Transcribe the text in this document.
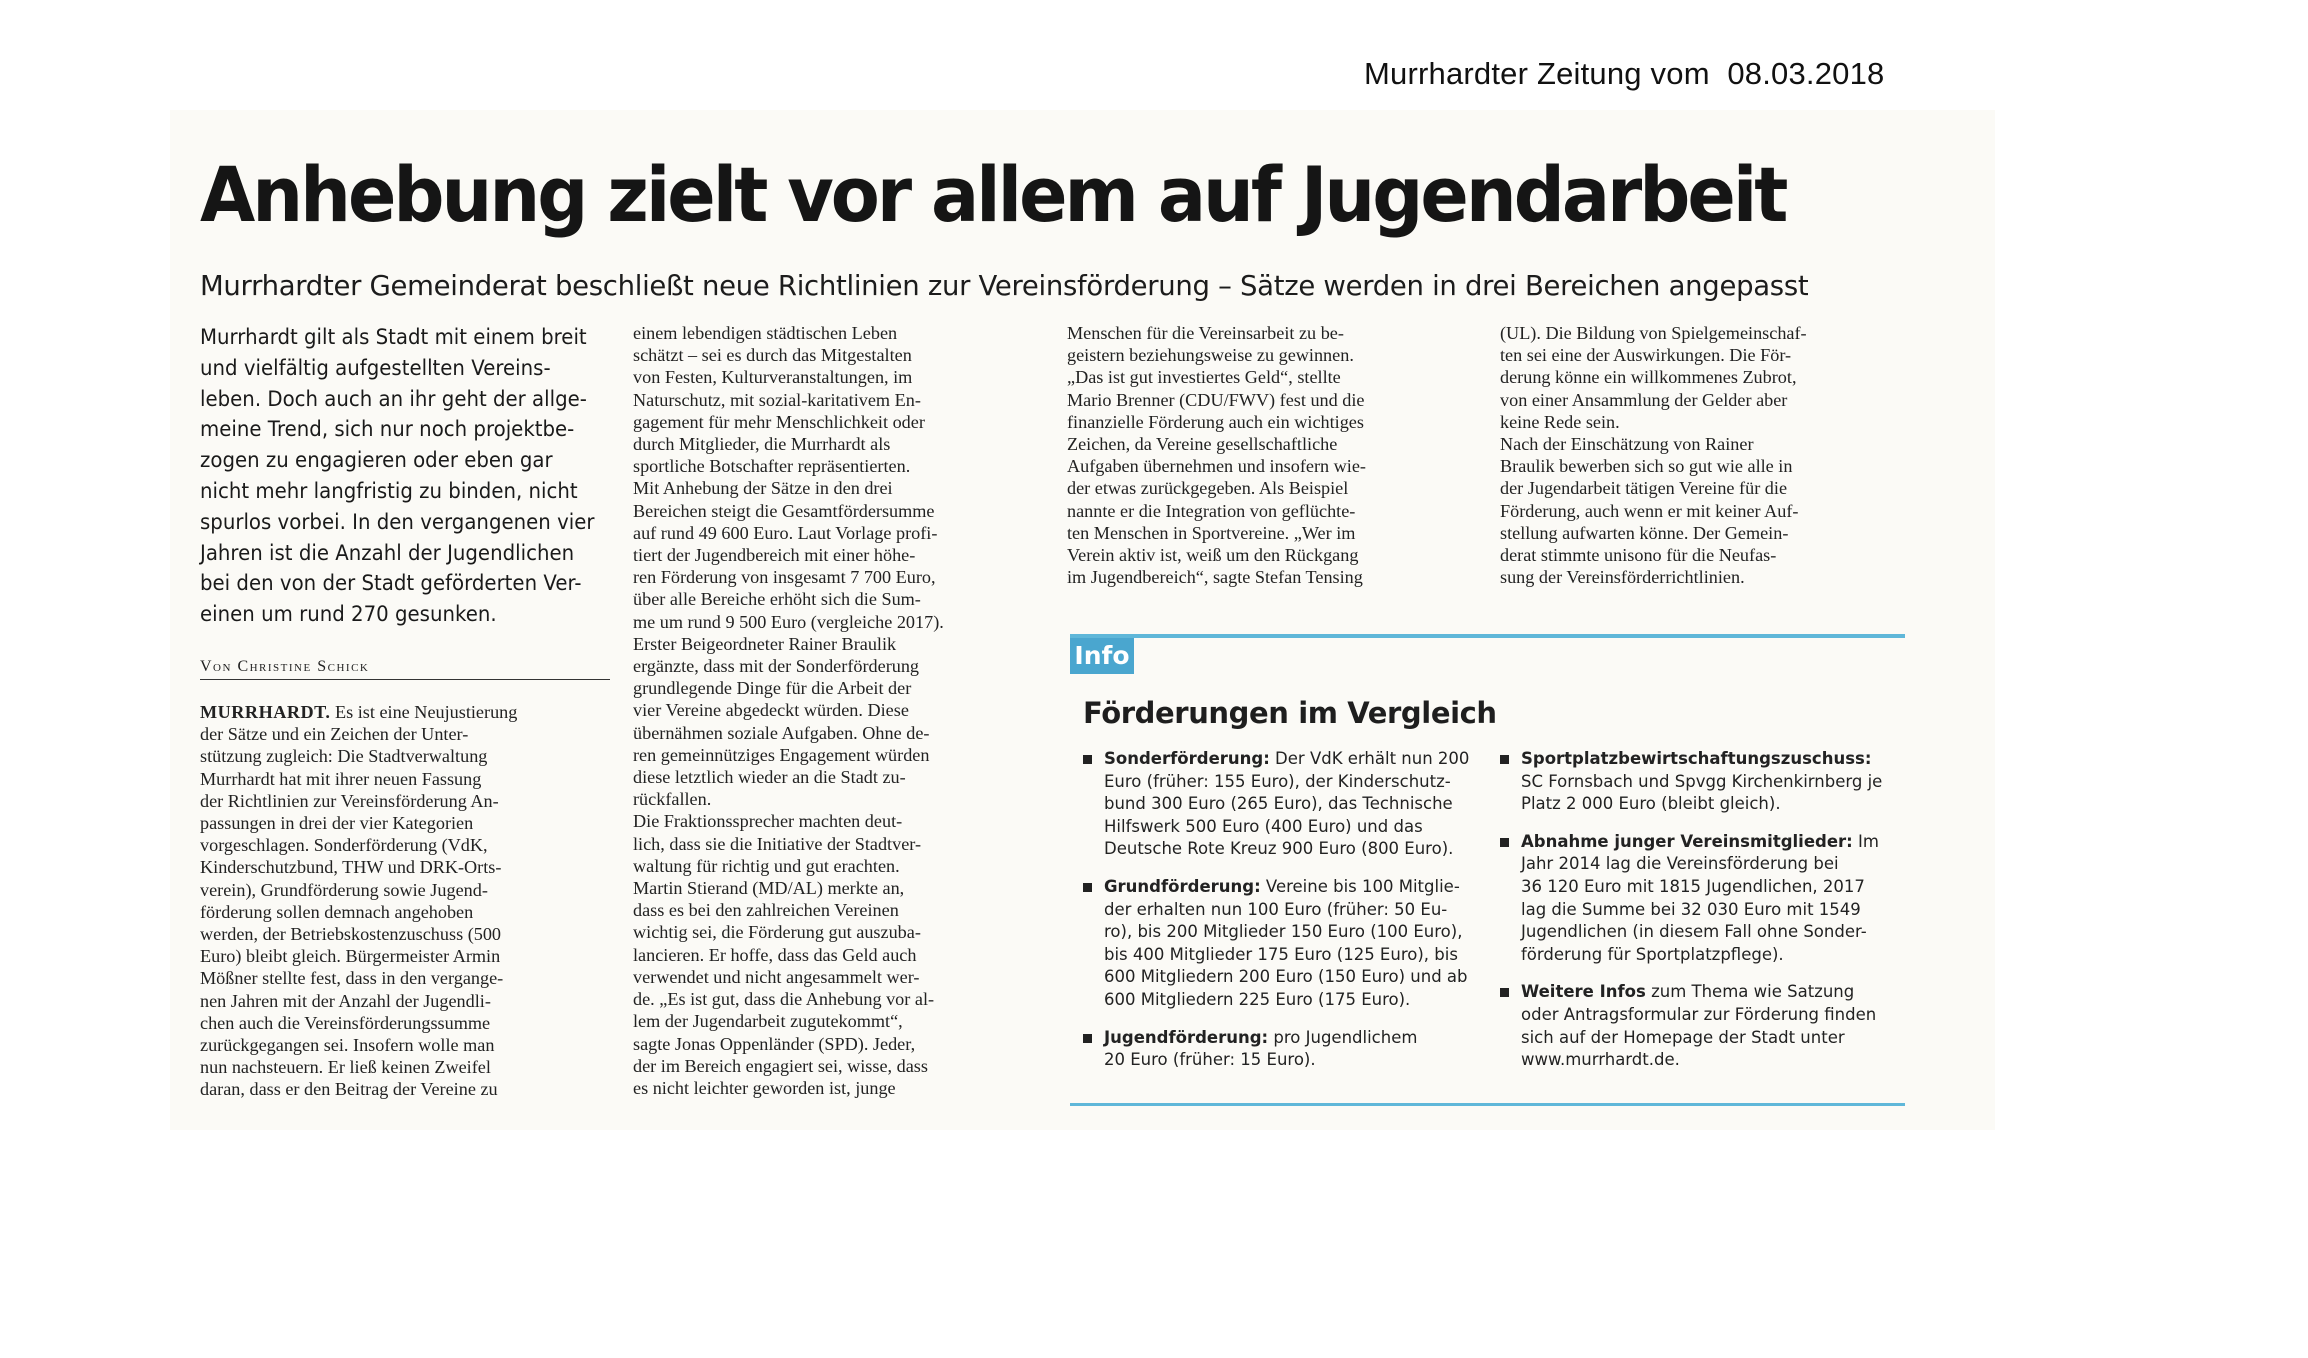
Murrhardter Zeitung vom  08.03.2018
Anhebung zielt vor allem auf Jugendarbeit
Murrhardter Gemeinderat beschließt neue Richtlinien zur Vereinsförderung – Sätze werden in drei Bereichen angepasst
Murrhardt gilt als Stadt mit einem breit
und vielfältig aufgestellten Vereins-
leben. Doch auch an ihr geht der allge-
meine Trend, sich nur noch projektbe-
zogen zu engagieren oder eben gar
nicht mehr langfristig zu binden, nicht
spurlos vorbei. In den vergangenen vier
Jahren ist die Anzahl der Jugendlichen
bei den von der Stadt geförderten Ver-
einen um rund 270 gesunken.
Von Christine Schick
MURRHARDT. Es ist eine Neujustierung
der Sätze und ein Zeichen der Unter-
stützung zugleich: Die Stadtverwaltung
Murrhardt hat mit ihrer neuen Fassung
der Richtlinien zur Vereinsförderung An-
passungen in drei der vier Kategorien
vorgeschlagen. Sonderförderung (VdK,
Kinderschutzbund, THW und DRK-Orts-
verein), Grundförderung sowie Jugend-
förderung sollen demnach angehoben
werden, der Betriebskostenzuschuss (500
Euro) bleibt gleich. Bürgermeister Armin
Mößner stellte fest, dass in den vergange-
nen Jahren mit der Anzahl der Jugendli-
chen auch die Vereinsförderungssumme
zurückgegangen sei. Insofern wolle man
nun nachsteuern. Er ließ keinen Zweifel
daran, dass er den Beitrag der Vereine zu
einem lebendigen städtischen Leben
schätzt – sei es durch das Mitgestalten
von Festen, Kulturveranstaltungen, im
Naturschutz, mit sozial-karitativem En-
gagement für mehr Menschlichkeit oder
durch Mitglieder, die Murrhardt als
sportliche Botschafter repräsentierten.
Mit Anhebung der Sätze in den drei
Bereichen steigt die Gesamtfördersumme
auf rund 49 600 Euro. Laut Vorlage profi-
tiert der Jugendbereich mit einer höhe-
ren Förderung von insgesamt 7 700 Euro,
über alle Bereiche erhöht sich die Sum-
me um rund 9 500 Euro (vergleiche 2017).
Erster Beigeordneter Rainer Braulik
ergänzte, dass mit der Sonderförderung
grundlegende Dinge für die Arbeit der
vier Vereine abgedeckt würden. Diese
übernähmen soziale Aufgaben. Ohne de-
ren gemeinnütziges Engagement würden
diese letztlich wieder an die Stadt zu-
rückfallen.
Die Fraktionssprecher machten deut-
lich, dass sie die Initiative der Stadtver-
waltung für richtig und gut erachten.
Martin Stierand (MD/AL) merkte an,
dass es bei den zahlreichen Vereinen
wichtig sei, die Förderung gut auszuba-
lancieren. Er hoffe, dass das Geld auch
verwendet und nicht angesammelt wer-
de. „Es ist gut, dass die Anhebung vor al-
lem der Jugendarbeit zugutekommt“,
sagte Jonas Oppenländer (SPD). Jeder,
der im Bereich engagiert sei, wisse, dass
es nicht leichter geworden ist, junge
Menschen für die Vereinsarbeit zu be-
geistern beziehungsweise zu gewinnen.
„Das ist gut investiertes Geld“, stellte
Mario Brenner (CDU/FWV) fest und die
finanzielle Förderung auch ein wichtiges
Zeichen, da Vereine gesellschaftliche
Aufgaben übernehmen und insofern wie-
der etwas zurückgegeben. Als Beispiel
nannte er die Integration von geflüchte-
ten Menschen in Sportvereine. „Wer im
Verein aktiv ist, weiß um den Rückgang
im Jugendbereich“, sagte Stefan Tensing
(UL). Die Bildung von Spielgemeinschaf-
ten sei eine der Auswirkungen. Die För-
derung könne ein willkommenes Zubrot,
von einer Ansammlung der Gelder aber
keine Rede sein.
Nach der Einschätzung von Rainer
Braulik bewerben sich so gut wie alle in
der Jugendarbeit tätigen Vereine für die
Förderung, auch wenn er mit keiner Auf-
stellung aufwarten könne. Der Gemein-
derat stimmte unisono für die Neufas-
sung der Vereinsförderrichtlinien.
Info
Förderungen im Vergleich
Sonderförderung: Der VdK erhält nun 200
Euro (früher: 155 Euro), der Kinderschutz-
bund 300 Euro (265 Euro), das Technische
Hilfswerk 500 Euro (400 Euro) und das
Deutsche Rote Kreuz 900 Euro (800 Euro).
Grundförderung: Vereine bis 100 Mitglie-
der erhalten nun 100 Euro (früher: 50 Eu-
ro), bis 200 Mitglieder 150 Euro (100 Euro),
bis 400 Mitglieder 175 Euro (125 Euro), bis
600 Mitgliedern 200 Euro (150 Euro) und ab
600 Mitgliedern 225 Euro (175 Euro).
Jugendförderung: pro Jugendlichem
20 Euro (früher: 15 Euro).
Sportplatzbewirtschaftungszuschuss:
SC Fornsbach und Spvgg Kirchenkirnberg je
Platz 2 000 Euro (bleibt gleich).
Abnahme junger Vereinsmitglieder: Im
Jahr 2014 lag die Vereinsförderung bei
36 120 Euro mit 1815 Jugendlichen, 2017
lag die Summe bei 32 030 Euro mit 1549
Jugendlichen (in diesem Fall ohne Sonder-
förderung für Sportplatzpflege).
Weitere Infos zum Thema wie Satzung
oder Antragsformular zur Förderung finden
sich auf der Homepage der Stadt unter
www.murrhardt.de.
